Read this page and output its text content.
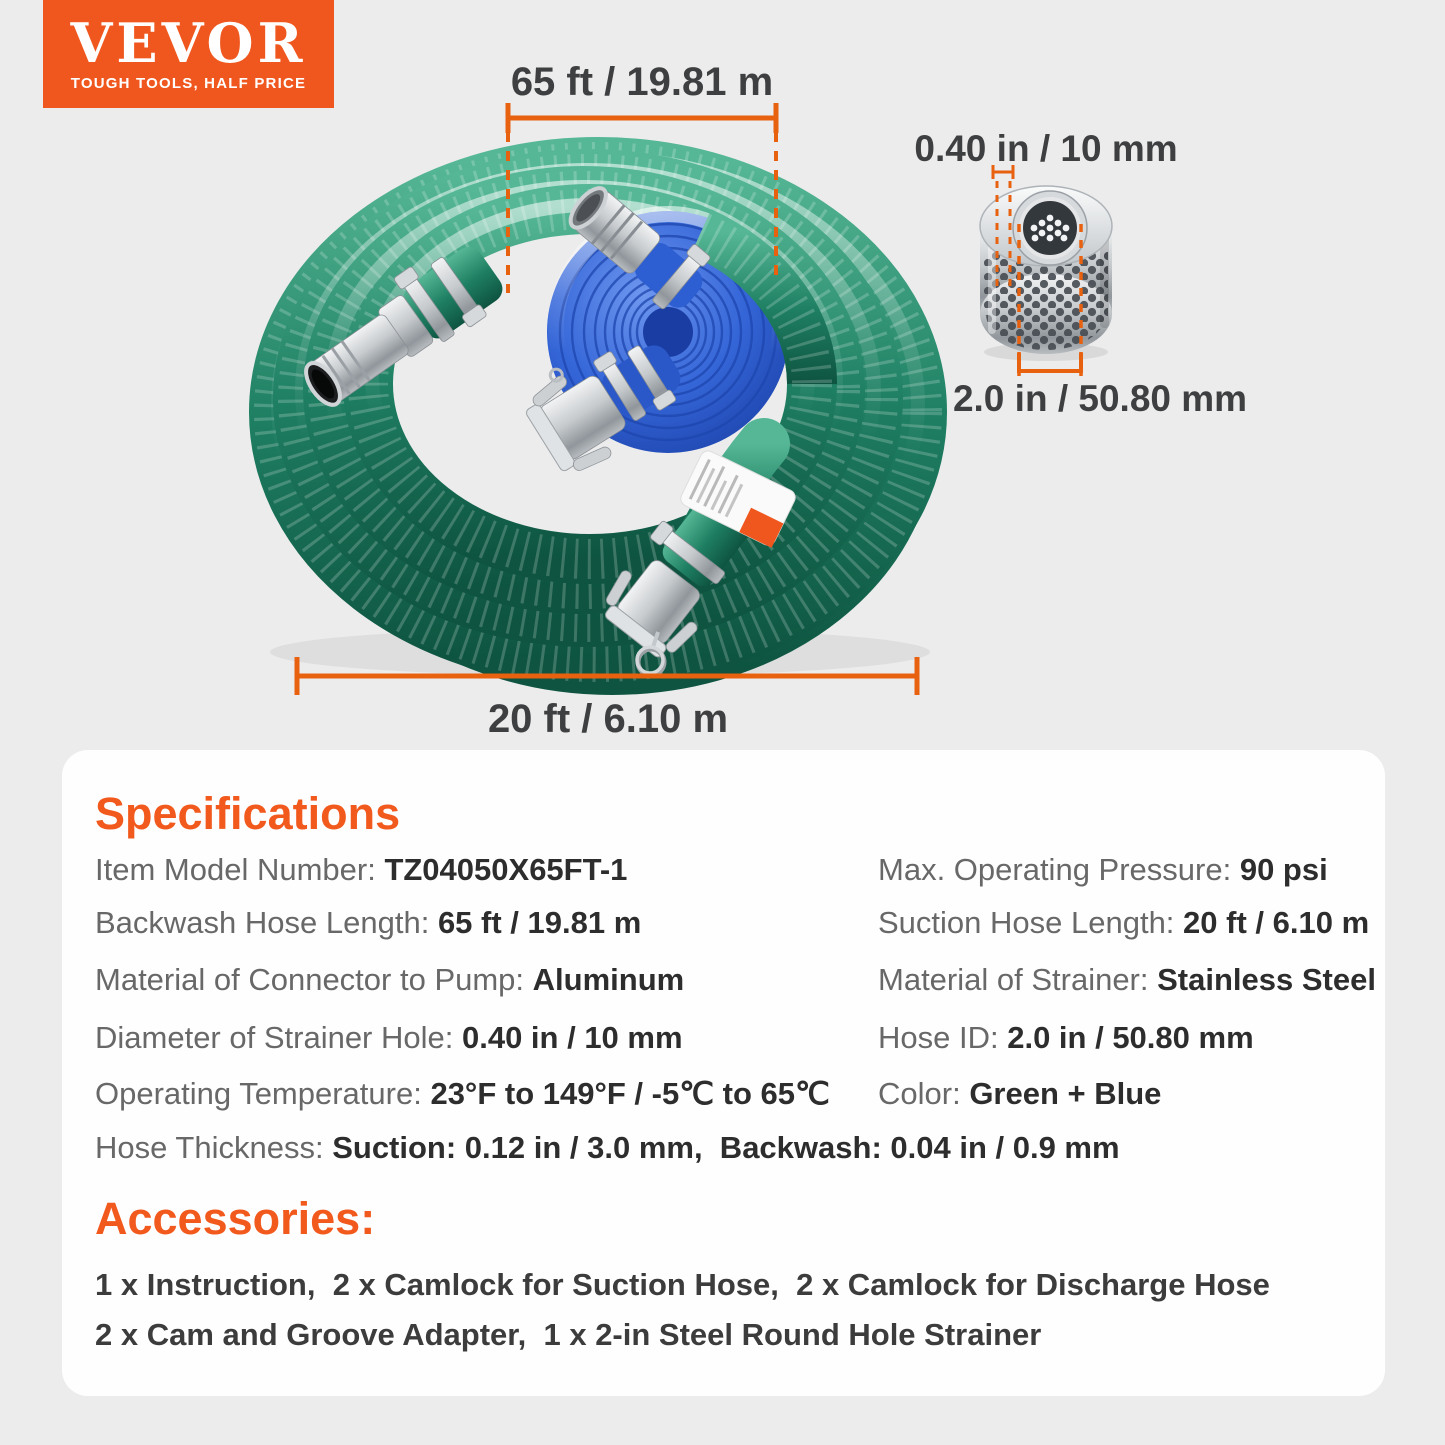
VEVOR
TOUGH TOOLS, HALF PRICE	65 ft / 19.81 m
0.40 in / 10 mm
2.0 in / 50.80 mm
20 ft / 6.10 m
Specifications
Item Model Number: TZ04050X65FT-1
Backwash Hose Length: 65 ft / 19.81 m
Material of Connector to Pump: Aluminum
Diameter of Strainer Hole: 0.40 in / 10 mm
Operating Temperature: 23°F to 149°F / -5℃ to 65℃
Hose Thickness: Suction: 0.12 in / 3.0 mm,  Backwash: 0.04 in / 0.9 mm
Max. Operating Pressure: 90 psi
Suction Hose Length: 20 ft / 6.10 m
Material of Strainer: Stainless Steel
Hose ID: 2.0 in / 50.80 mm
Color: Green + Blue
Accessories:
1 x Instruction,  2 x Camlock for Suction Hose,  2 x Camlock for Discharge Hose
2 x Cam and Groove Adapter,  1 x 2-in Steel Round Hole Strainer
